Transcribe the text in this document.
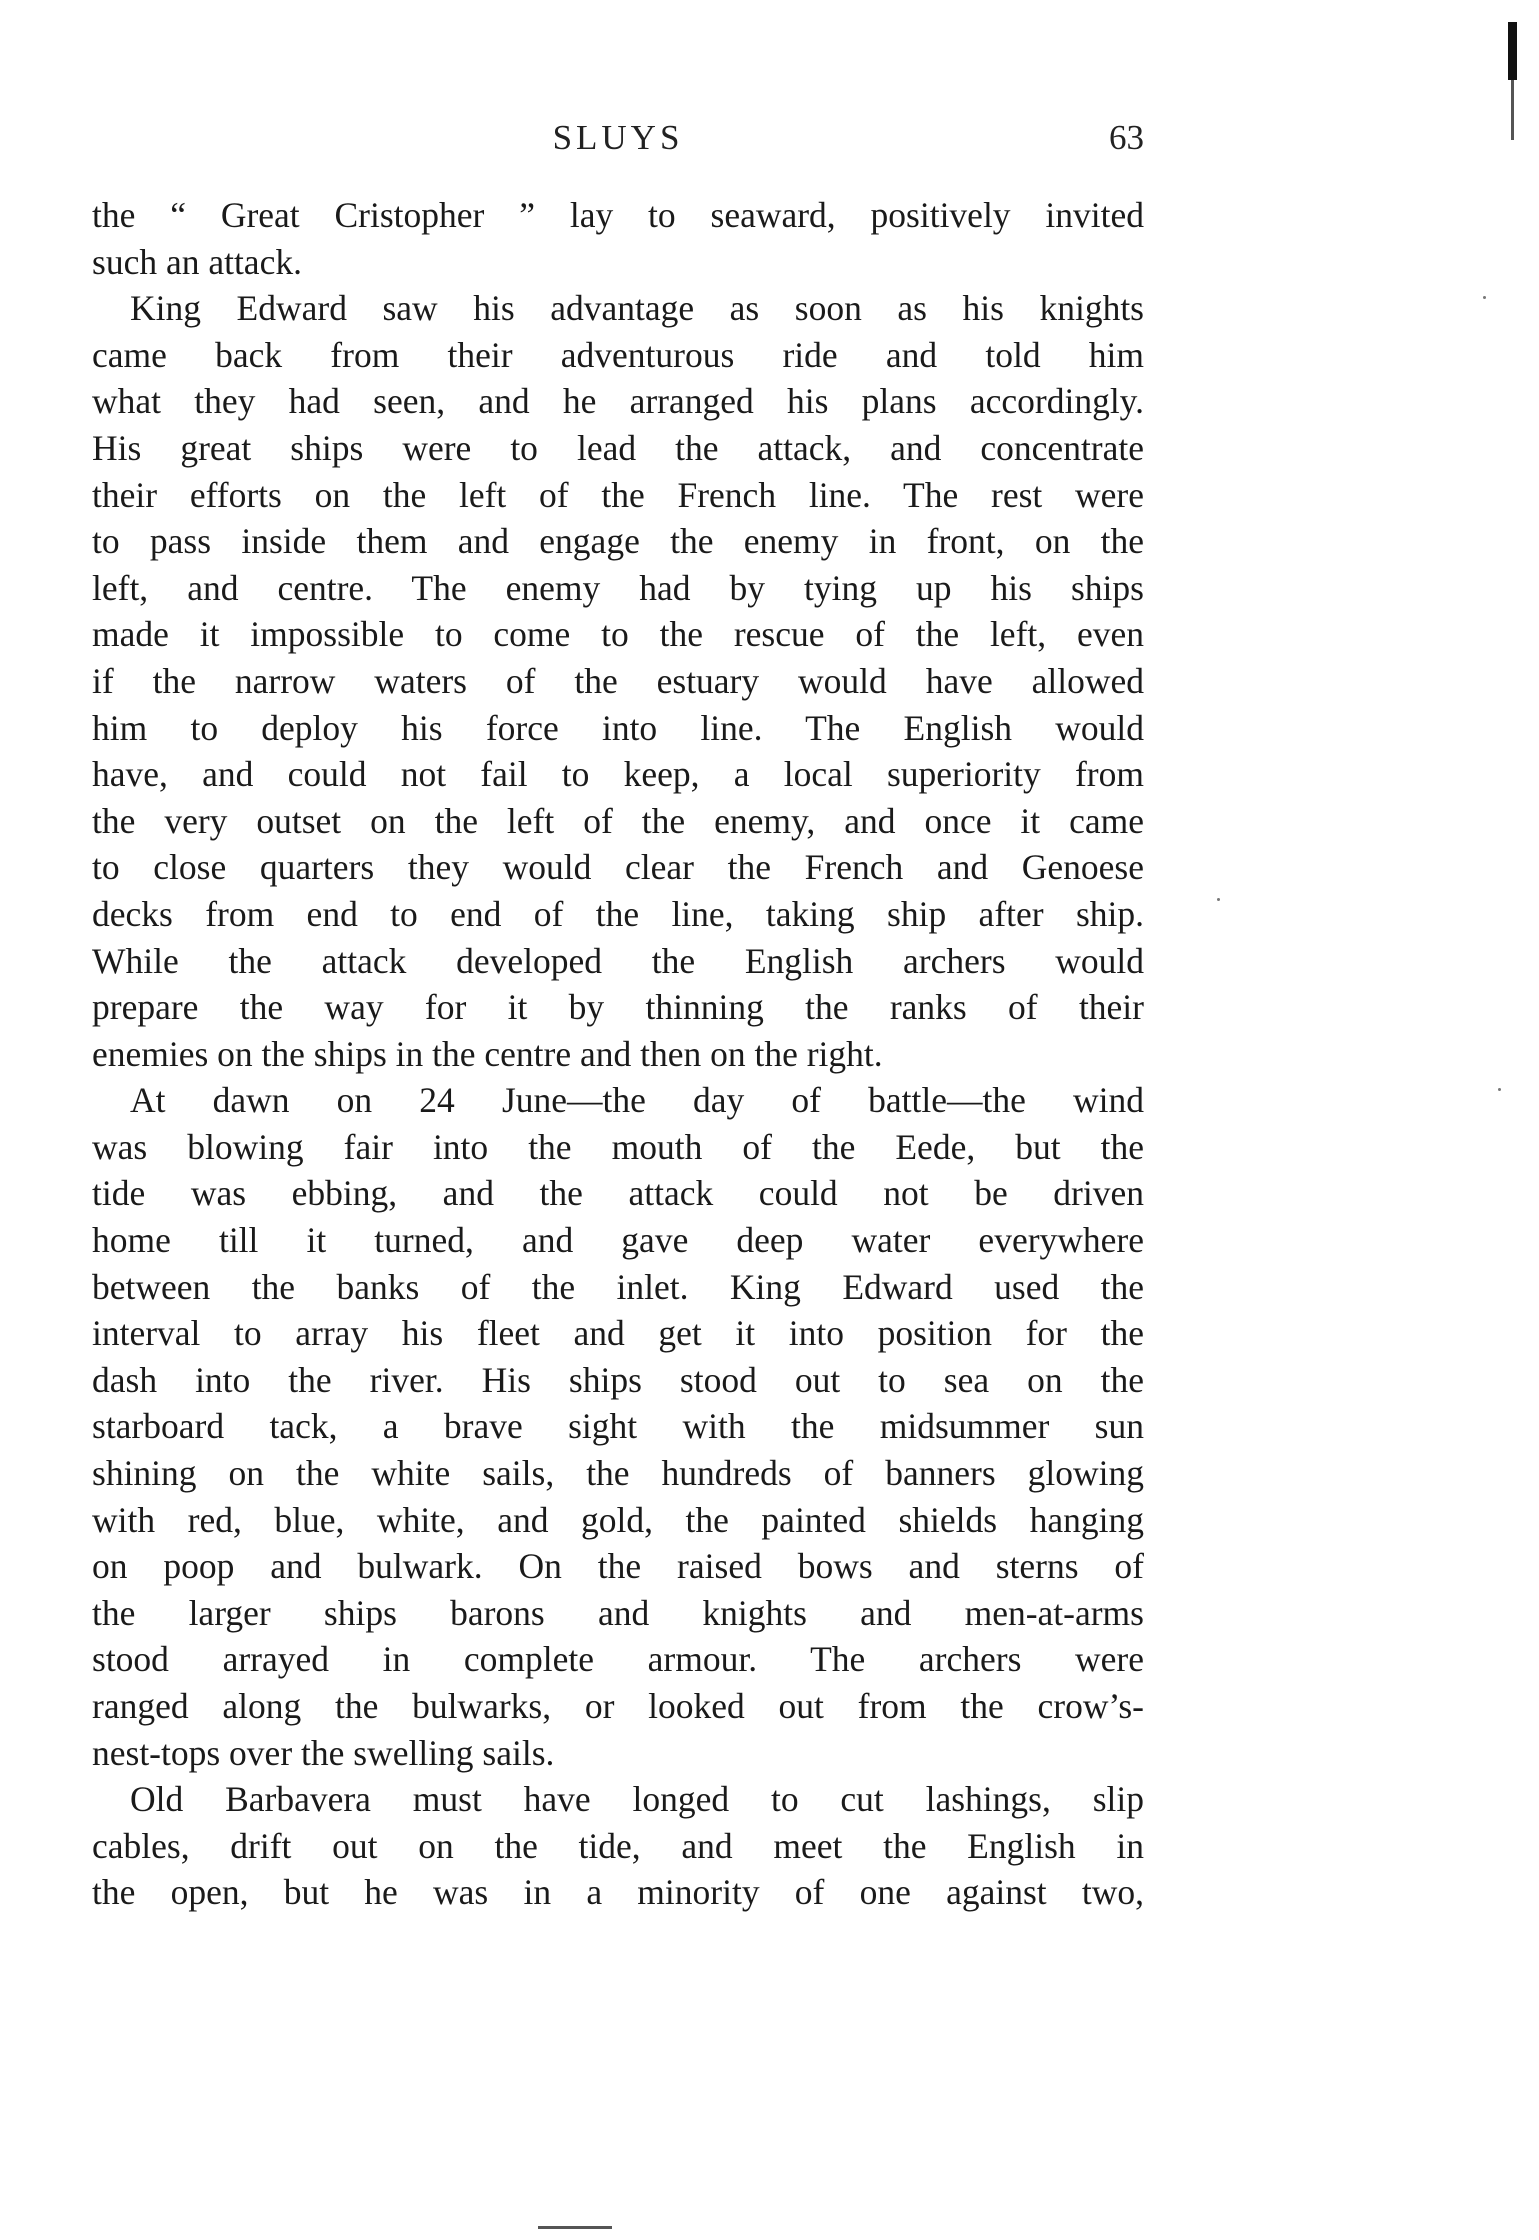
SLUYS	63

the “ Great Cristopher ” lay to seaward, positively invited

such an attack.

King Edward saw his advantage as soon as his knights

came back from their adventurous ride and told him

what they had seen, and he arranged his plans accordingly.

His great ships were to lead the attack, and concentrate

their efforts on the left of the French line. The rest were

to pass inside them and engage the enemy in front, on the

left, and centre. The enemy had by tying up his ships

made it impossible to come to the rescue of the left, even

if the narrow waters of the estuary would have allowed

him to deploy his force into line. The English would

have, and could not fail to keep, a local superiority from

the very outset on the left of the enemy, and once it came

to close quarters they would clear the French and Genoese

decks from end to end of the line, taking ship after ship.

While the attack developed the English archers would

prepare the way for it by thinning the ranks of their

enemies on the ships in the centre and then on the right.

At dawn on 24 June—the day of battle—the wind

was blowing fair into the mouth of the Eede, but the

tide was ebbing, and the attack could not be driven

home till it turned, and gave deep water everywhere

between the banks of the inlet. King Edward used the

interval to array his fleet and get it into position for the

dash into the river. His ships stood out to sea on the

starboard tack, a brave sight with the midsummer sun

shining on the white sails, the hundreds of banners glowing

with red, blue, white, and gold, the painted shields hanging

on poop and bulwark. On the raised bows and sterns of

the larger ships barons and knights and men-at-arms

stood arrayed in complete armour. The archers were

ranged along the bulwarks, or looked out from the crow’s-

nest-tops over the swelling sails.

Old Barbavera must have longed to cut lashings, slip

cables, drift out on the tide, and meet the English in

the open, but he was in a minority of one against two,
